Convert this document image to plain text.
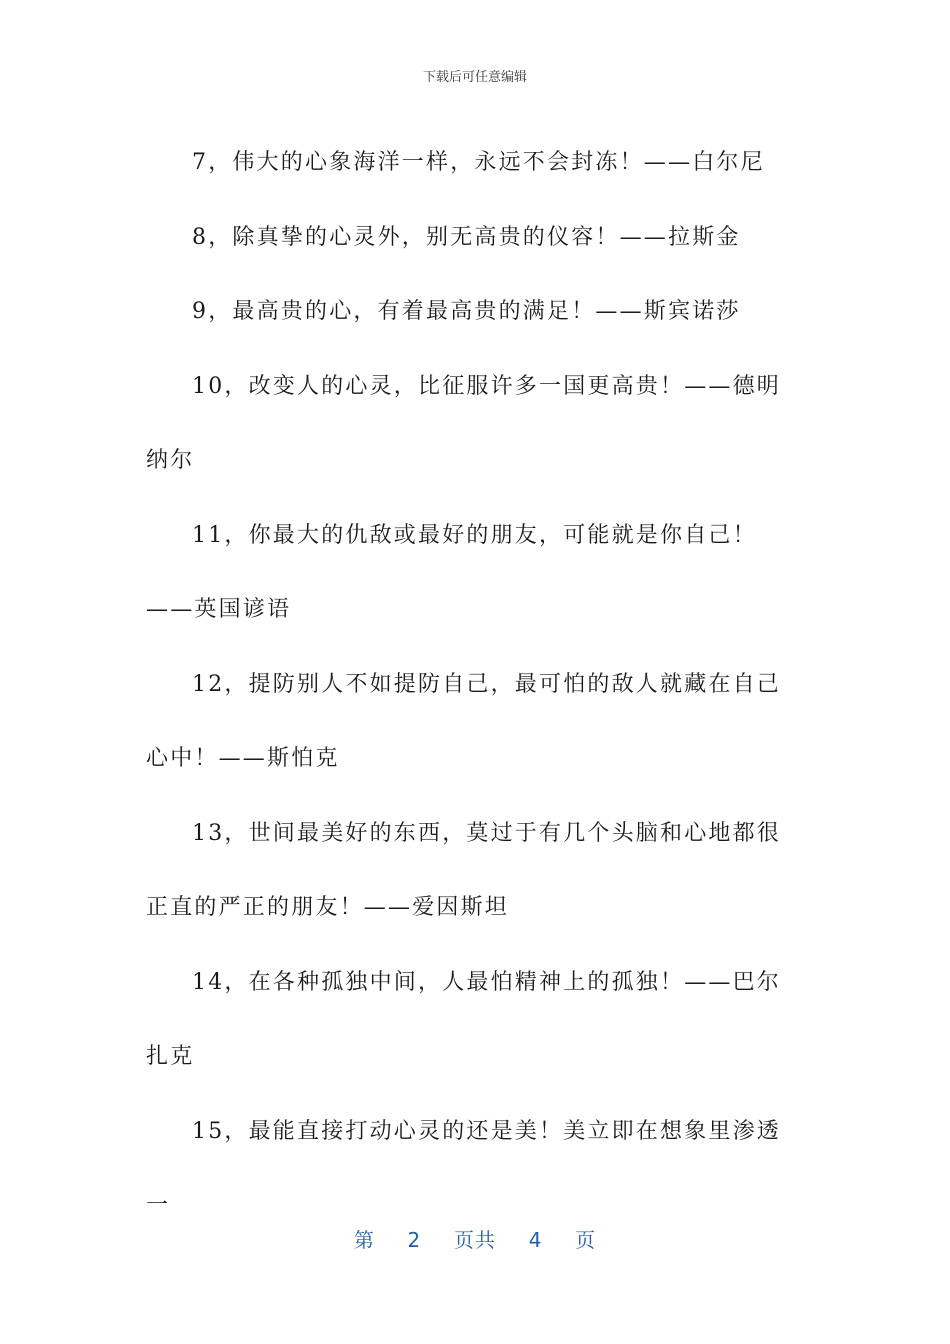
下载后可任意编辑

7，伟大的心象海洋一样，永远不会封冻！——白尔尼

8，除真挚的心灵外，别无高贵的仪容！——拉斯金

9，最高贵的心，有着最高贵的满足！——斯宾诺莎

10，改变人的心灵，比征服许多一国更高贵！——德明纳尔

11，你最大的仇敌或最好的朋友，可能就是你自己！——英国谚语

12，提防别人不如提防自己，最可怕的敌人就藏在自己心中！——斯怕克

13，世间最美好的东西，莫过于有几个头脑和心地都很正直的严正的朋友！——爱因斯坦

14，在各种孤独中间，人最怕精神上的孤独！——巴尔扎克

15，最能直接打动心灵的还是美！美立即在想象里渗透一

第 2 页共 4 页
